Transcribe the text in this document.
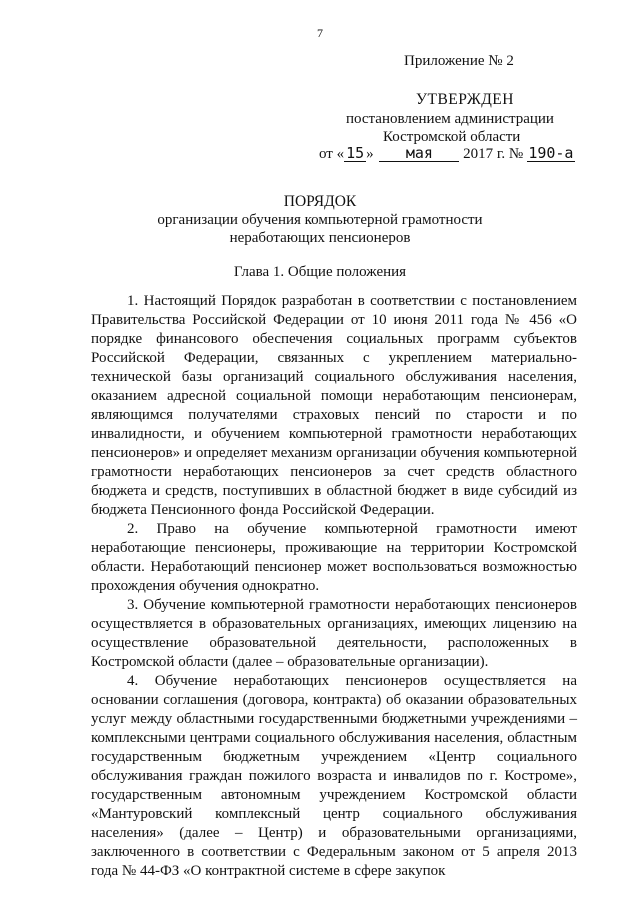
7
Приложение № 2
УТВЕРЖДЕН
постановлением администрации
Костромской области
от « 15 » мая 2017 г. № 190-а
ПОРЯДОК
организации обучения компьютерной грамотности
неработающих пенсионеров
Глава 1. Общие положения

1. Настоящий Порядок разработан в соответствии с постановлением Правительства Российской Федерации от 10 июня 2011 года № 456 «О порядке финансового обеспечения социальных программ субъектов Российской Федерации, связанных с укреплением материально-технической базы организаций социального обслуживания населения, оказанием адресной социальной помощи неработающим пенсионерам, являющимся получателями страховых пенсий по старости и по инвалидности, и обучением компьютерной грамотности неработающих пенсионеров» и определяет механизм организации обучения компьютерной грамотности неработающих пенсионеров за счет средств областного бюджета и средств, поступивших в областной бюджет в виде субсидий из бюджета Пенсионного фонда Российской Федерации.

2. Право на обучение компьютерной грамотности имеют неработающие пенсионеры, проживающие на территории Костромской области. Неработающий пенсионер может воспользоваться возможностью прохождения обучения однократно.

3. Обучение компьютерной грамотности неработающих пенсионеров осуществляется в образовательных организациях, имеющих лицензию на осуществление образовательной деятельности, расположенных в Костромской области (далее – образовательные организации).

4. Обучение неработающих пенсионеров осуществляется на основании соглашения (договора, контракта) об оказании образовательных услуг между областными государственными бюджетными учреждениями – комплексными центрами социального обслуживания населения, областным государственным бюджетным учреждением «Центр социального обслуживания граждан пожилого возраста и инвалидов по г. Костроме», государственным автономным учреждением Костромской области «Мантуровский комплексный центр социального обслуживания населения» (далее – Центр) и образовательными организациями, заключенного в соответствии с Федеральным законом от 5 апреля 2013 года № 44-ФЗ «О контрактной системе в сфере закупок
